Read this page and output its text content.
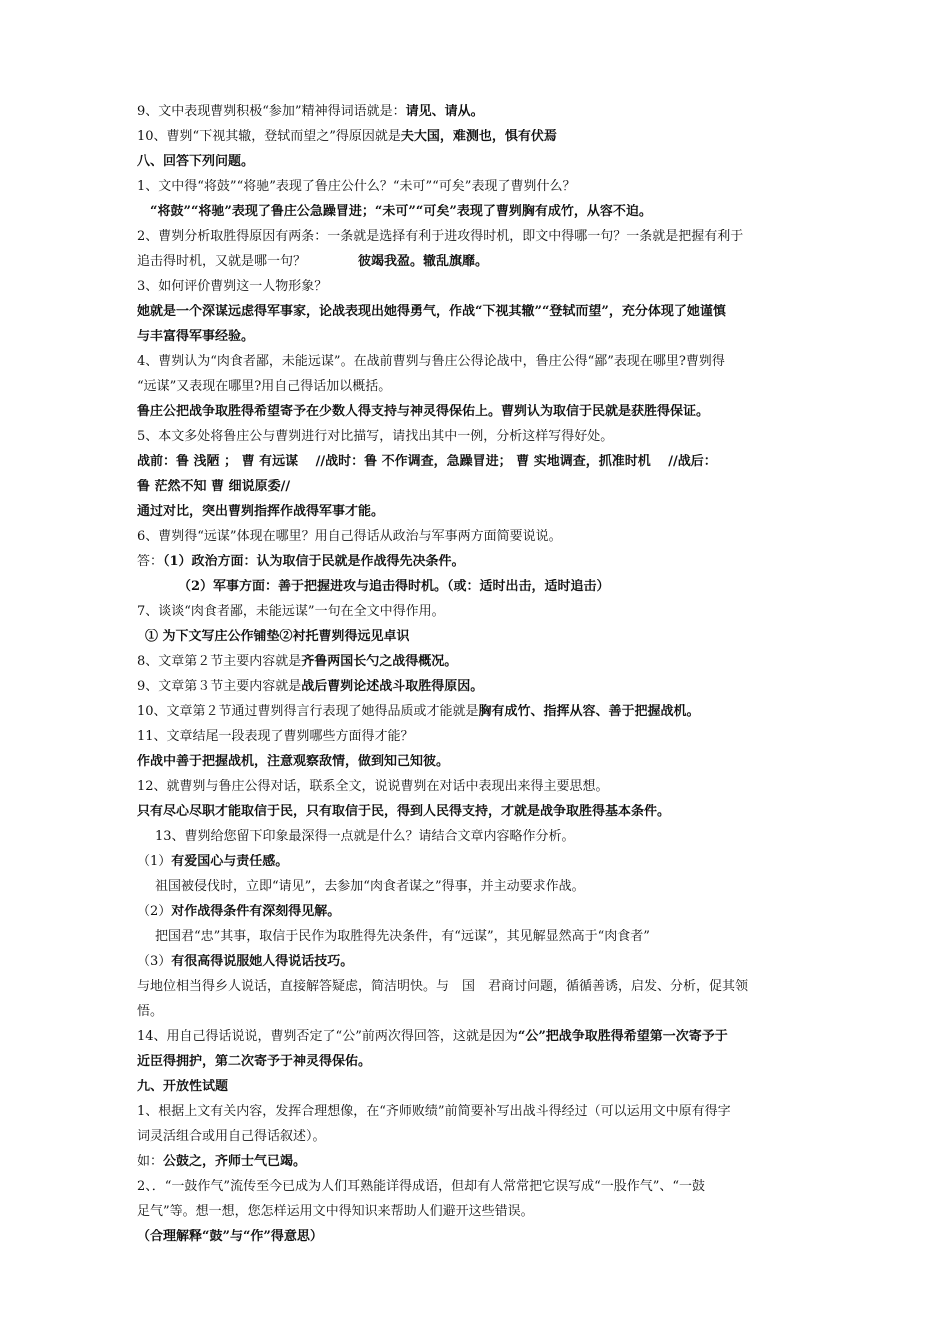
9、文中表现曹刿积极“参加”精神得词语就是：请见、请从。
10、曹刿“下视其辙，登轼而望之”得原因就是夫大国，难测也，惧有伏焉
八、回答下列问题。
1、文中得“将鼓”“将驰”表现了鲁庄公什么？“未可”“可矣”表现了曹刿什么？
“将鼓”“将驰”表现了鲁庄公急躁冒进；“未可”“可矣”表现了曹刿胸有成竹，从容不迫。
2、曹刿分析取胜得原因有两条：一条就是选择有利于进攻得时机，即文中得哪一句？一条就是把握有利于
追击得时机，又就是哪一句？　　　　彼竭我盈。辙乱旗靡。
3、如何评价曹刿这一人物形象？
她就是一个深谋远虑得军事家，论战表现出她得勇气，作战“下视其辙”“登轼而望”，充分体现了她谨慎
与丰富得军事经验。
4、曹刿认为“肉食者鄙，未能远谋”。在战前曹刿与鲁庄公得论战中，鲁庄公得“鄙”表现在哪里?曹刿得
“远谋”又表现在哪里?用自己得话加以概括。
鲁庄公把战争取胜得希望寄予在少数人得支持与神灵得保佑上。曹刿认为取信于民就是获胜得保证。
5、本文多处将鲁庄公与曹刿进行对比描写，请找出其中一例，分析这样写得好处。
战前：鲁 浅陋 ； 曹 有远谋　 //战时：鲁 不作调查，急躁冒进； 曹 实地调查，抓准时机　 //战后：
鲁 茫然不知 曹 细说原委//
通过对比，突出曹刿指挥作战得军事才能。
6、曹刿得“远谋”体现在哪里？用自己得话从政治与军事两方面简要说说。
答：（1）政治方面：认为取信于民就是作战得先决条件。
（2）军事方面：善于把握进攻与追击得时机。（或：适时出击，适时追击）
7、谈谈“肉食者鄙，未能远谋”一句在全文中得作用。
① 为下文写庄公作铺垫②衬托曹刿得远见卓识
8、文章第２节主要内容就是齐鲁两国长勺之战得概况。
9、文章第３节主要内容就是战后曹刿论述战斗取胜得原因。
10、文章第２节通过曹刿得言行表现了她得品质或才能就是胸有成竹、指挥从容、善于把握战机。
11、文章结尾一段表现了曹刿哪些方面得才能？
作战中善于把握战机，注意观察敌情，做到知己知彼。
12、就曹刿与鲁庄公得对话，联系全文，说说曹刿在对话中表现出来得主要思想。
只有尽心尽职才能取信于民，只有取信于民，得到人民得支持，才就是战争取胜得基本条件。
13、曹刿给您留下印象最深得一点就是什么？请结合文章内容略作分析。
（1）有爱国心与责任感。
祖国被侵伐时，立即“请见”，去参加“肉食者谋之”得事，并主动要求作战。
（2）对作战得条件有深刻得见解。
把国君“忠”其事，取信于民作为取胜得先决条件，有“远谋”，其见解显然高于“肉食者”
（3）有很高得说服她人得说话技巧。
与地位相当得乡人说话，直接解答疑虑，简洁明快。与　国　君商讨问题，循循善诱，启发、分析，促其领
悟。
14、用自己得话说说，曹刿否定了“公”前两次得回答，这就是因为“公”把战争取胜得希望第一次寄予于
近臣得拥护，第二次寄予于神灵得保佑。
九、开放性试题
1、根据上文有关内容，发挥合理想像，在“齐师败绩”前简要补写出战斗得经过（可以运用文中原有得字
词灵活组合或用自己得话叙述）。
如：公鼓之，齐师士气已竭。
2、．“一鼓作气”流传至今已成为人们耳熟能详得成语，但却有人常常把它误写成“一股作气”、“一鼓
足气”等。想一想，您怎样运用文中得知识来帮助人们避开这些错误。
（合理解释“鼓”与“作”得意思）
